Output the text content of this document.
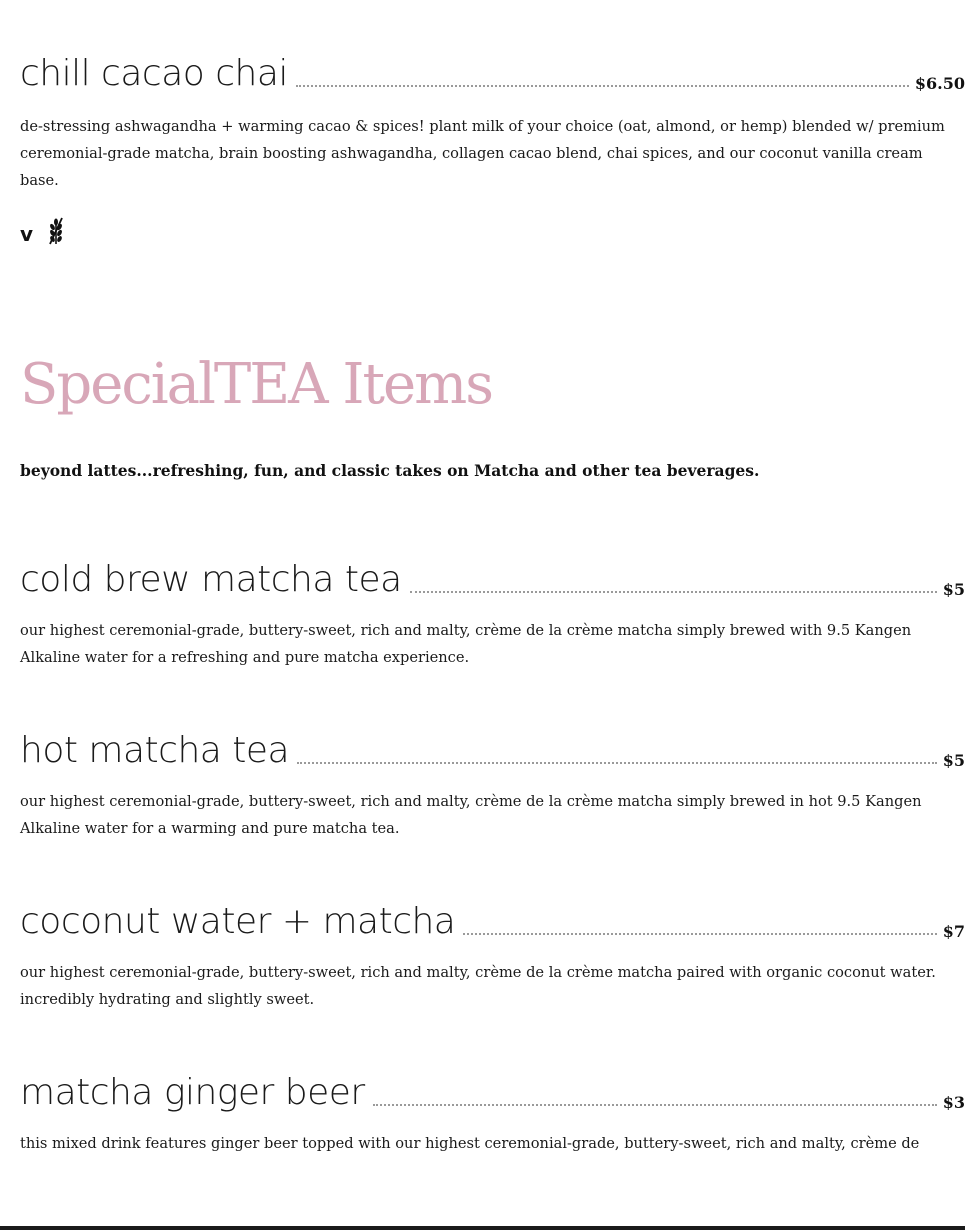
chill cacao chai	$6.50
de-stressing ashwagandha + warming cacao & spices! plant milk of your choice (oat, almond, or hemp) blended w/ premium ceremonial-grade matcha, brain boosting ashwagandha, collagen cacao blend, chai spices, and our coconut vanilla cream base.
v
SpecialTEA Items
beyond lattes...refreshing, fun, and classic takes on Matcha and other tea beverages.
cold brew matcha tea	$5
our highest ceremonial-grade, buttery-sweet, rich and malty, crème de la crème matcha simply brewed with 9.5 Kangen Alkaline water for a refreshing and pure matcha experience.
hot matcha tea	$5
our highest ceremonial-grade, buttery-sweet, rich and malty, crème de la crème matcha simply brewed in hot 9.5 Kangen Alkaline water for a warming and pure matcha tea.
coconut water + matcha	$7
our highest ceremonial-grade, buttery-sweet, rich and malty, crème de la crème matcha paired with organic coconut water. incredibly hydrating and slightly sweet.
matcha ginger beer	$3
this mixed drink features ginger beer topped with our highest ceremonial-grade, buttery-sweet, rich and malty, crème de
